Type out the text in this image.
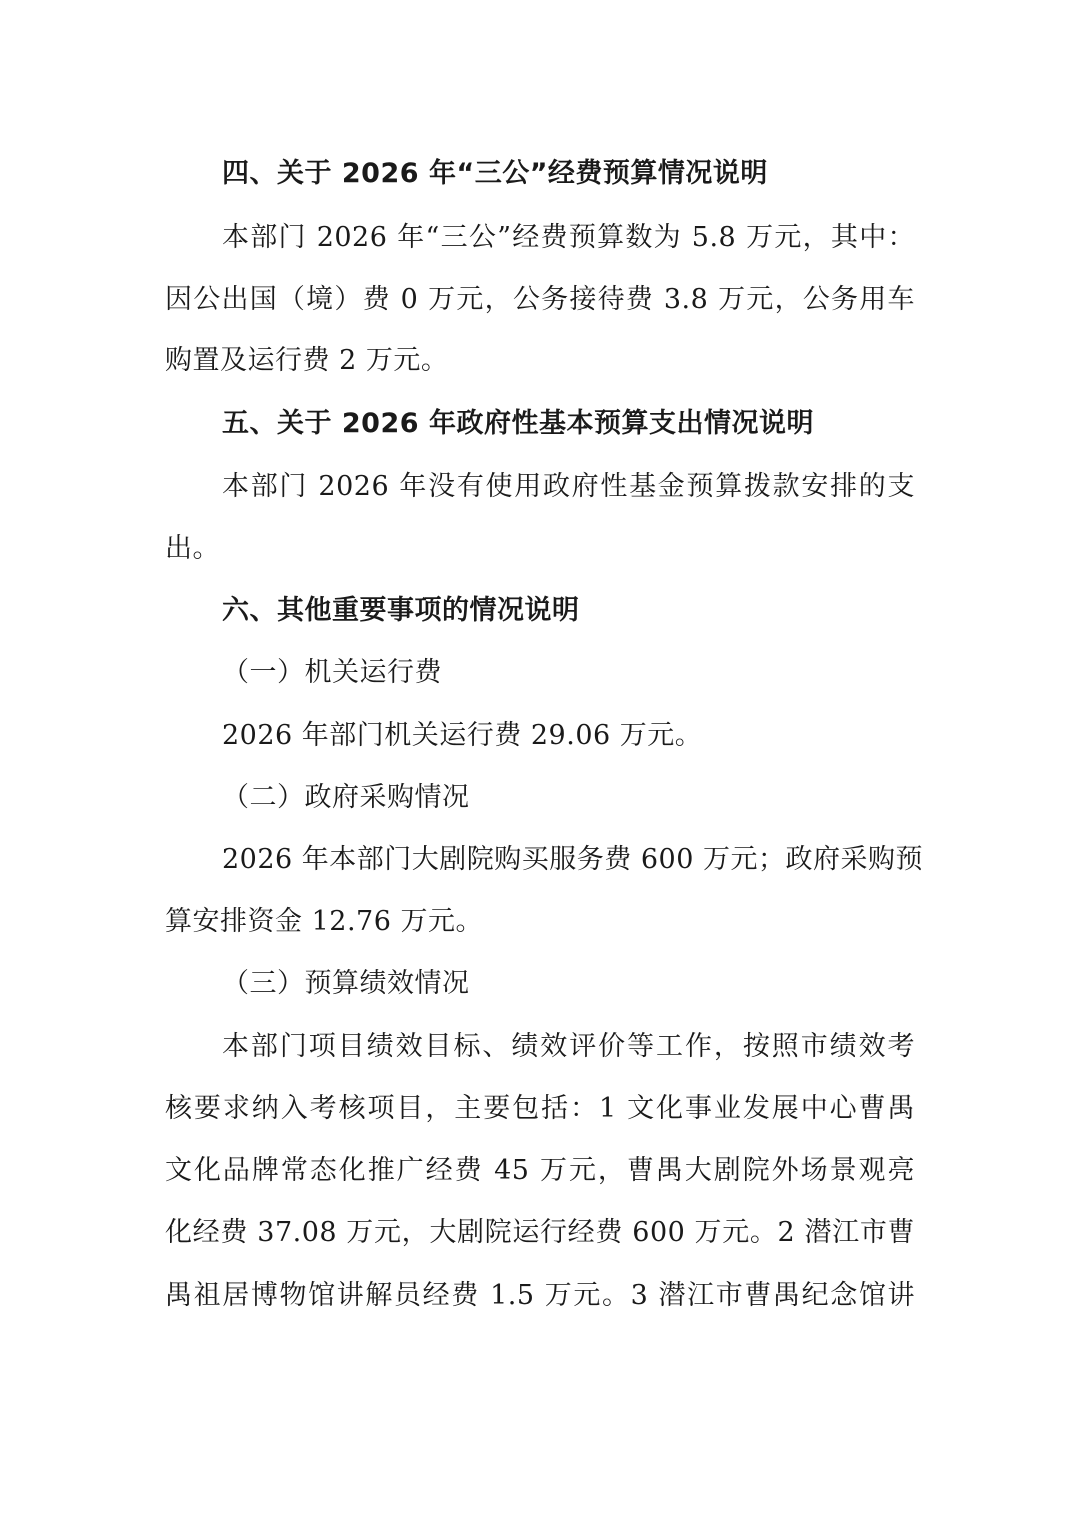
四、关于 2026 年“三公”经费预算情况说明
本部门 2026 年“三公”经费预算数为 5.8 万元，其中：
因公出国（境）费 0 万元，公务接待费 3.8 万元，公务用车
购置及运行费 2 万元。
五、关于 2026 年政府性基本预算支出情况说明
本部门 2026 年没有使用政府性基金预算拨款安排的支
出。
六、其他重要事项的情况说明
（一）机关运行费
2026 年部门机关运行费 29.06 万元。
（二）政府采购情况
2026 年本部门大剧院购买服务费 600 万元；政府采购预
算安排资金 12.76 万元。
（三）预算绩效情况
本部门项目绩效目标、绩效评价等工作，按照市绩效考
核要求纳入考核项目，主要包括：1 文化事业发展中心曹禺
文化品牌常态化推广经费 45 万元，曹禺大剧院外场景观亮
化经费 37.08 万元，大剧院运行经费 600 万元。2 潜江市曹
禺祖居博物馆讲解员经费 1.5 万元。3 潜江市曹禺纪念馆讲
